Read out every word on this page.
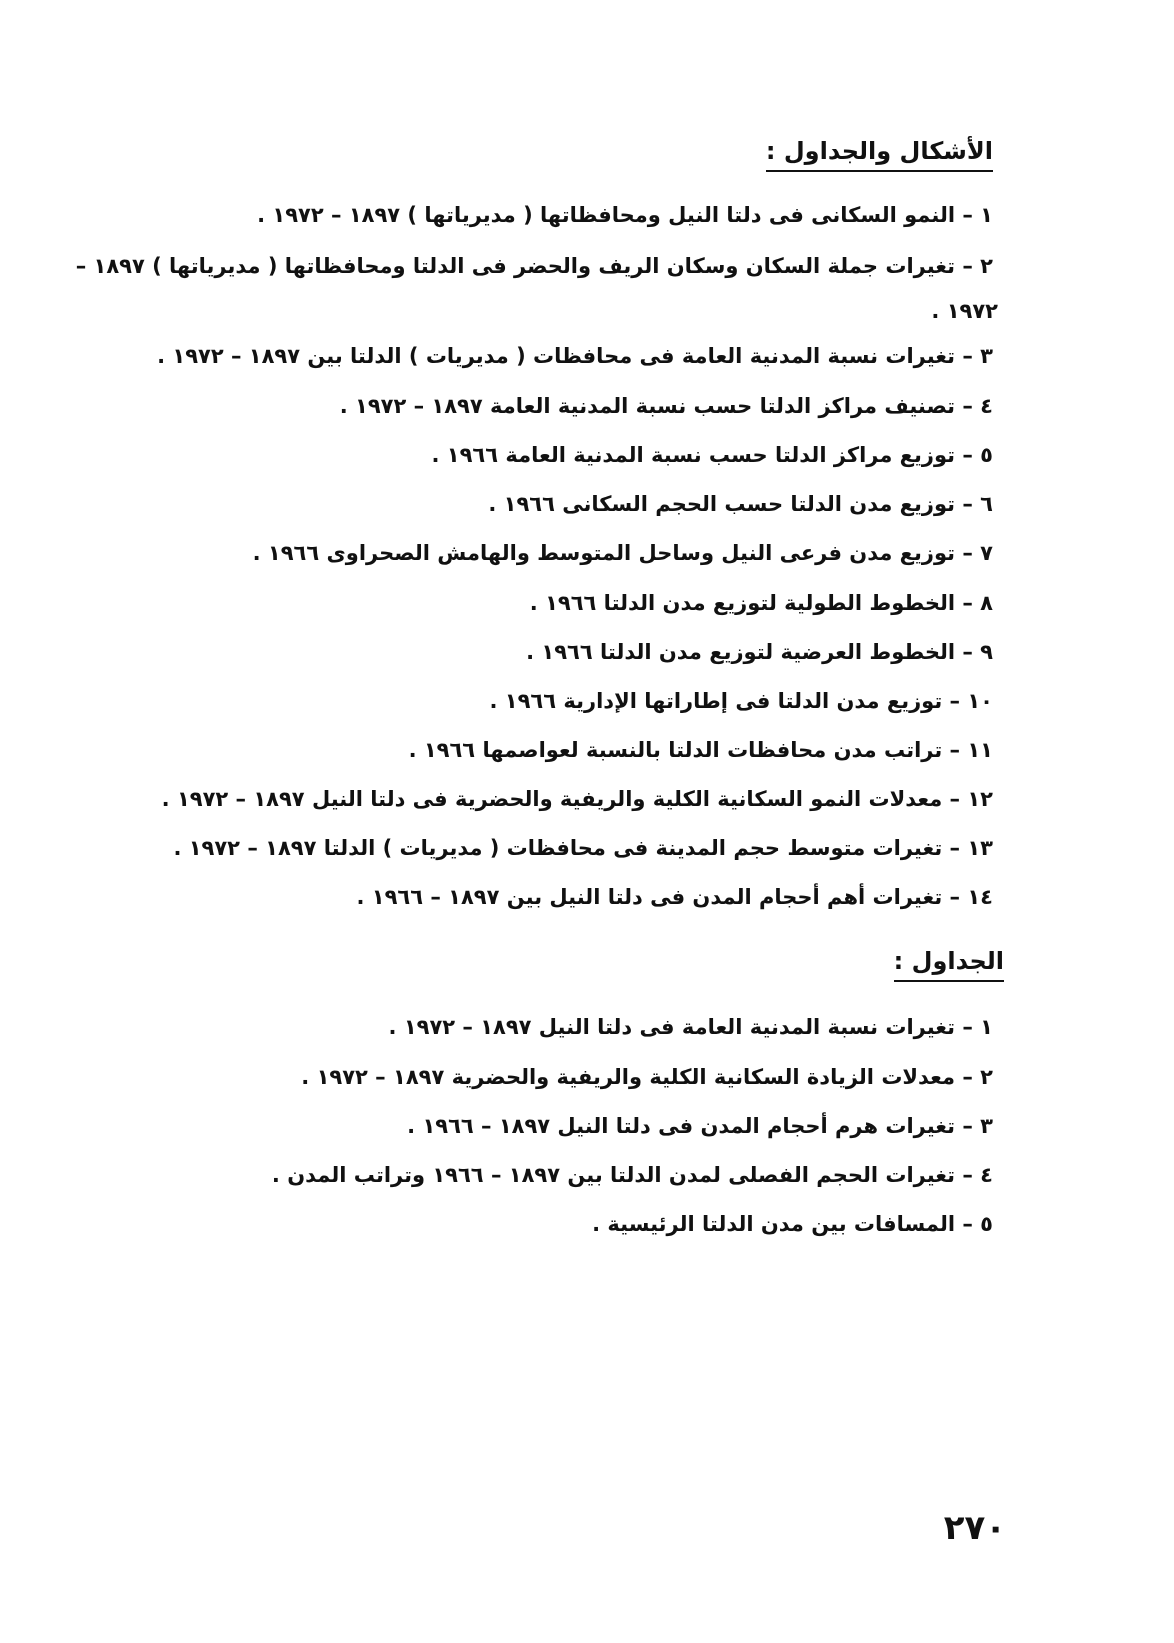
الأشكال والجداول :
١ – النمو السكانى فى دلتا النيل ومحافظاتها ( مديرياتها ) ١٨٩٧ – ١٩٧٢ .
٢ – تغيرات جملة السكان وسكان الريف والحضر فى الدلتا ومحافظاتها ( مديرياتها ) ١٨٩٧ –
١٩٧٢ .
٣ – تغيرات نسبة المدنية العامة فى محافظات ( مديريات ) الدلتا بين ١٨٩٧ – ١٩٧٢ .
٤ – تصنيف مراكز الدلتا حسب نسبة المدنية العامة ١٨٩٧ – ١٩٧٢ .
٥ – توزيع مراكز الدلتا حسب نسبة المدنية العامة ١٩٦٦ .
٦ – توزيع مدن الدلتا حسب الحجم السكانى ١٩٦٦ .
٧ – توزيع مدن فرعى النيل وساحل المتوسط والهامش الصحراوى ١٩٦٦ .
٨ – الخطوط الطولية لتوزيع مدن الدلتا ١٩٦٦ .
٩ – الخطوط العرضية لتوزيع مدن الدلتا ١٩٦٦ .
١٠ – توزيع مدن الدلتا فى إطاراتها الإدارية ١٩٦٦ .
١١ – تراتب مدن محافظات الدلتا بالنسبة لعواصمها ١٩٦٦ .
١٢ – معدلات النمو السكانية الكلية والريفية والحضرية فى دلتا النيل ١٨٩٧ – ١٩٧٢ .
١٣ – تغيرات متوسط حجم المدينة فى محافظات ( مديريات ) الدلتا ١٨٩٧ – ١٩٧٢ .
١٤ – تغيرات أهم أحجام المدن فى دلتا النيل بين ١٨٩٧ – ١٩٦٦ .
الجداول :
١ – تغيرات نسبة المدنية العامة فى دلتا النيل ١٨٩٧ – ١٩٧٢ .
٢ – معدلات الزيادة السكانية الكلية والريفية والحضرية ١٨٩٧ – ١٩٧٢ .
٣ – تغيرات هرم أحجام المدن فى دلتا النيل ١٨٩٧ – ١٩٦٦ .
٤ – تغيرات الحجم الفصلى لمدن الدلتا بين ١٨٩٧ – ١٩٦٦ وتراتب المدن .
٥ – المسافات بين مدن الدلتا الرئيسية .
٢٧٠
